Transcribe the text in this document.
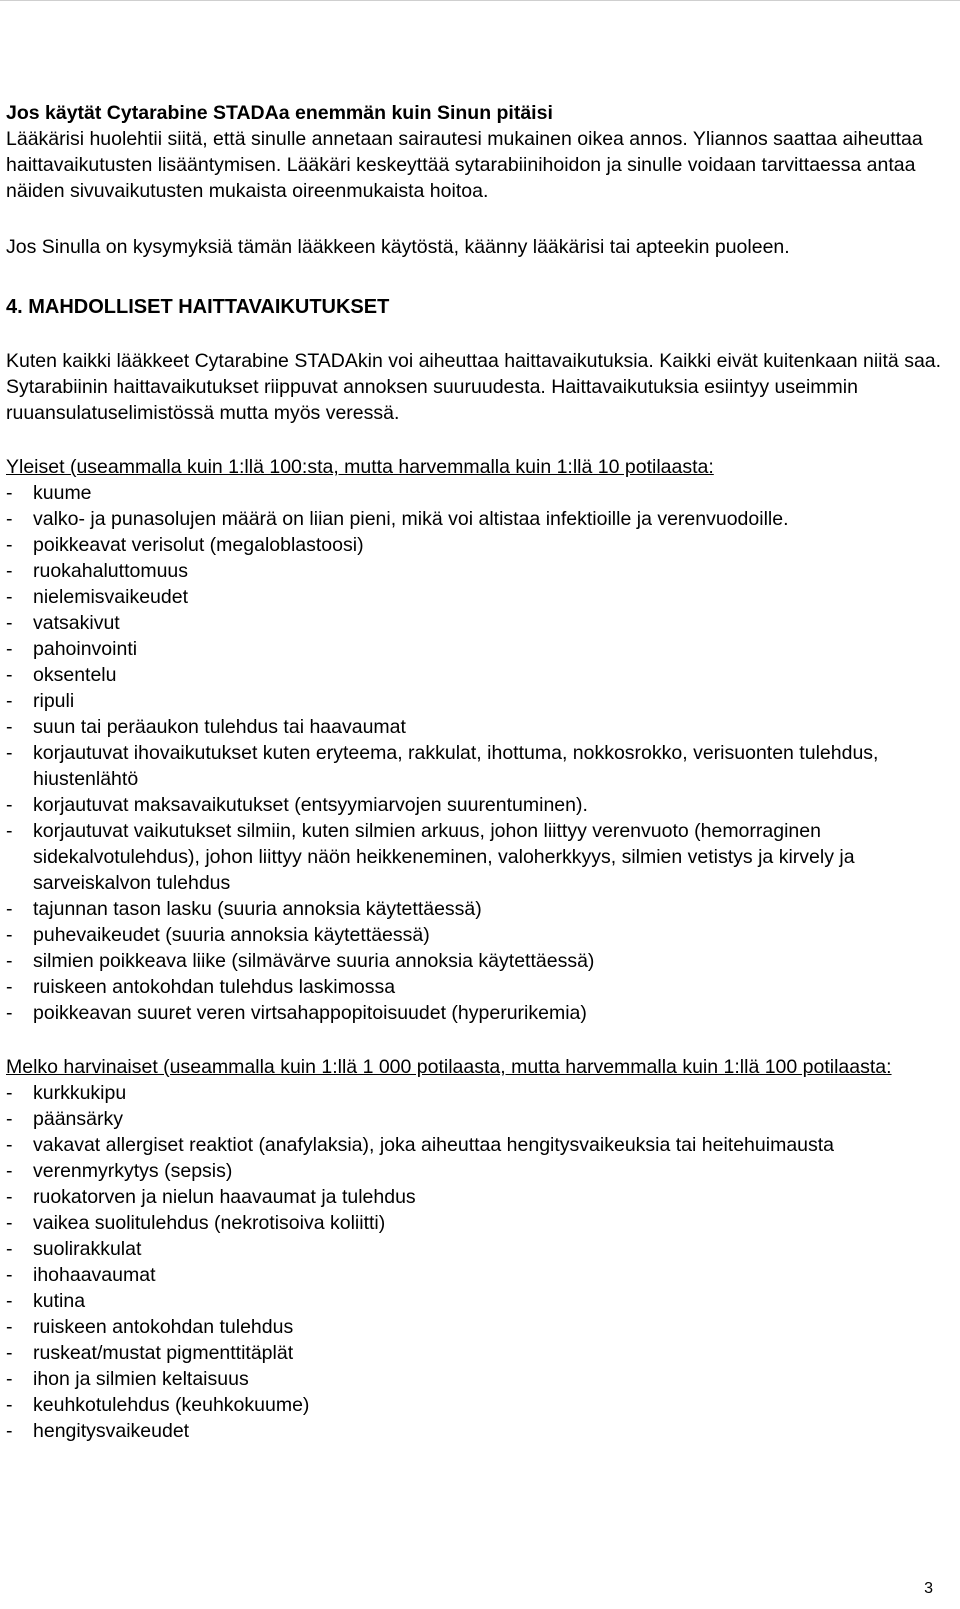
Jos käytät Cytarabine STADAa enemmän kuin Sinun pitäisi

Lääkärisi huolehtii siitä, että sinulle annetaan sairautesi mukainen oikea annos. Yliannos saattaa aiheuttaa haittavaikutusten lisääntymisen. Lääkäri keskeyttää sytarabiinihoidon ja sinulle voidaan tarvittaessa antaa näiden sivuvaikutusten mukaista oireenmukaista hoitoa.

Jos Sinulla on kysymyksiä tämän lääkkeen käytöstä, käänny lääkärisi tai apteekin puoleen.

4. MAHDOLLISET HAITTAVAIKUTUKSET

Kuten kaikki lääkkeet Cytarabine STADAkin voi aiheuttaa haittavaikutuksia. Kaikki eivät kuitenkaan niitä saa.

Sytarabiinin haittavaikutukset riippuvat annoksen suuruudesta. Haittavaikutuksia esiintyy useimmin ruuansulatuselimistössä mutta myös veressä.

Yleiset (useammalla kuin 1:llä 100:sta, mutta harvemmalla kuin 1:llä 10 potilaasta:

- kuume
- valko- ja punasolujen määrä on liian pieni, mikä voi altistaa infektioille ja verenvuodoille.
- poikkeavat verisolut (megaloblastoosi)
- ruokahaluttomuus
- nielemisvaikeudet
- vatsakivut
- pahoinvointi
- oksentelu
- ripuli
- suun tai peräaukon tulehdus tai haavaumat
- korjautuvat ihovaikutukset kuten eryteema, rakkulat, ihottuma, nokkosrokko, verisuonten tulehdus, hiustenlähtö
- korjautuvat maksavaikutukset (entsyymiarvojen suurentuminen).
- korjautuvat vaikutukset silmiin, kuten silmien arkuus, johon liittyy verenvuoto (hemorraginen sidekalvotulehdus), johon liittyy näön heikkeneminen, valoherkkyys, silmien vetistys ja kirvely ja sarveiskalvon tulehdus
- tajunnan tason lasku (suuria annoksia käytettäessä)
- puhevaikeudet (suuria annoksia käytettäessä)
- silmien poikkeava liike (silmävärve suuria annoksia käytettäessä)
- ruiskeen antokohdan tulehdus laskimossa
- poikkeavan suuret veren virtsahappopitoisuudet (hyperurikemia)

Melko harvinaiset (useammalla kuin 1:llä 1 000 potilaasta, mutta harvemmalla kuin 1:llä 100 potilaasta:

- kurkkukipu
- päänsärky
- vakavat allergiset reaktiot (anafylaksia), joka aiheuttaa hengitysvaikeuksia tai heitehuimausta
- verenmyrkytys (sepsis)
- ruokatorven ja nielun haavaumat ja tulehdus
- vaikea suolitulehdus (nekrotisoiva koliitti)
- suolirakkulat
- ihohaavaumat
- kutina
- ruiskeen antokohdan tulehdus
- ruskeat/mustat pigmenttitäplät
- ihon ja silmien keltaisuus
- keuhkotulehdus (keuhkokuume)
- hengitysvaikeudet
3
